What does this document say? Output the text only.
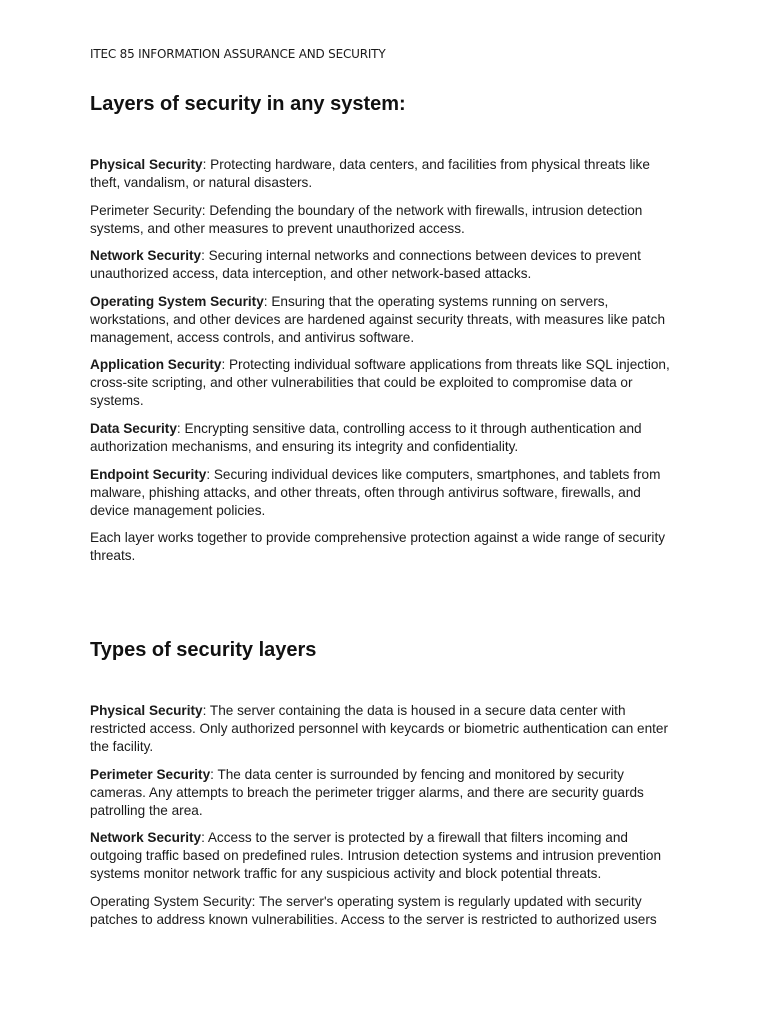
ITEC 85 INFORMATION ASSURANCE AND SECURITY
Layers of security in any system:

Physical Security: Protecting hardware, data centers, and facilities from physical threats like theft, vandalism, or natural disasters.

Perimeter Security: Defending the boundary of the network with firewalls, intrusion detection systems, and other measures to prevent unauthorized access.

Network Security: Securing internal networks and connections between devices to prevent unauthorized access, data interception, and other network-based attacks.

Operating System Security: Ensuring that the operating systems running on servers, workstations, and other devices are hardened against security threats, with measures like patch management, access controls, and antivirus software.

Application Security: Protecting individual software applications from threats like SQL injection, cross-site scripting, and other vulnerabilities that could be exploited to compromise data or systems.

Data Security: Encrypting sensitive data, controlling access to it through authentication and authorization mechanisms, and ensuring its integrity and confidentiality.

Endpoint Security: Securing individual devices like computers, smartphones, and tablets from malware, phishing attacks, and other threats, often through antivirus software, firewalls, and device management policies.

Each layer works together to provide comprehensive protection against a wide range of security threats.

Types of security layers

Physical Security: The server containing the data is housed in a secure data center with restricted access. Only authorized personnel with keycards or biometric authentication can enter the facility.

Perimeter Security: The data center is surrounded by fencing and monitored by security cameras. Any attempts to breach the perimeter trigger alarms, and there are security guards patrolling the area.

Network Security: Access to the server is protected by a firewall that filters incoming and outgoing traffic based on predefined rules. Intrusion detection systems and intrusion prevention systems monitor network traffic for any suspicious activity and block potential threats.

Operating System Security: The server's operating system is regularly updated with security patches to address known vulnerabilities. Access to the server is restricted to authorized users
